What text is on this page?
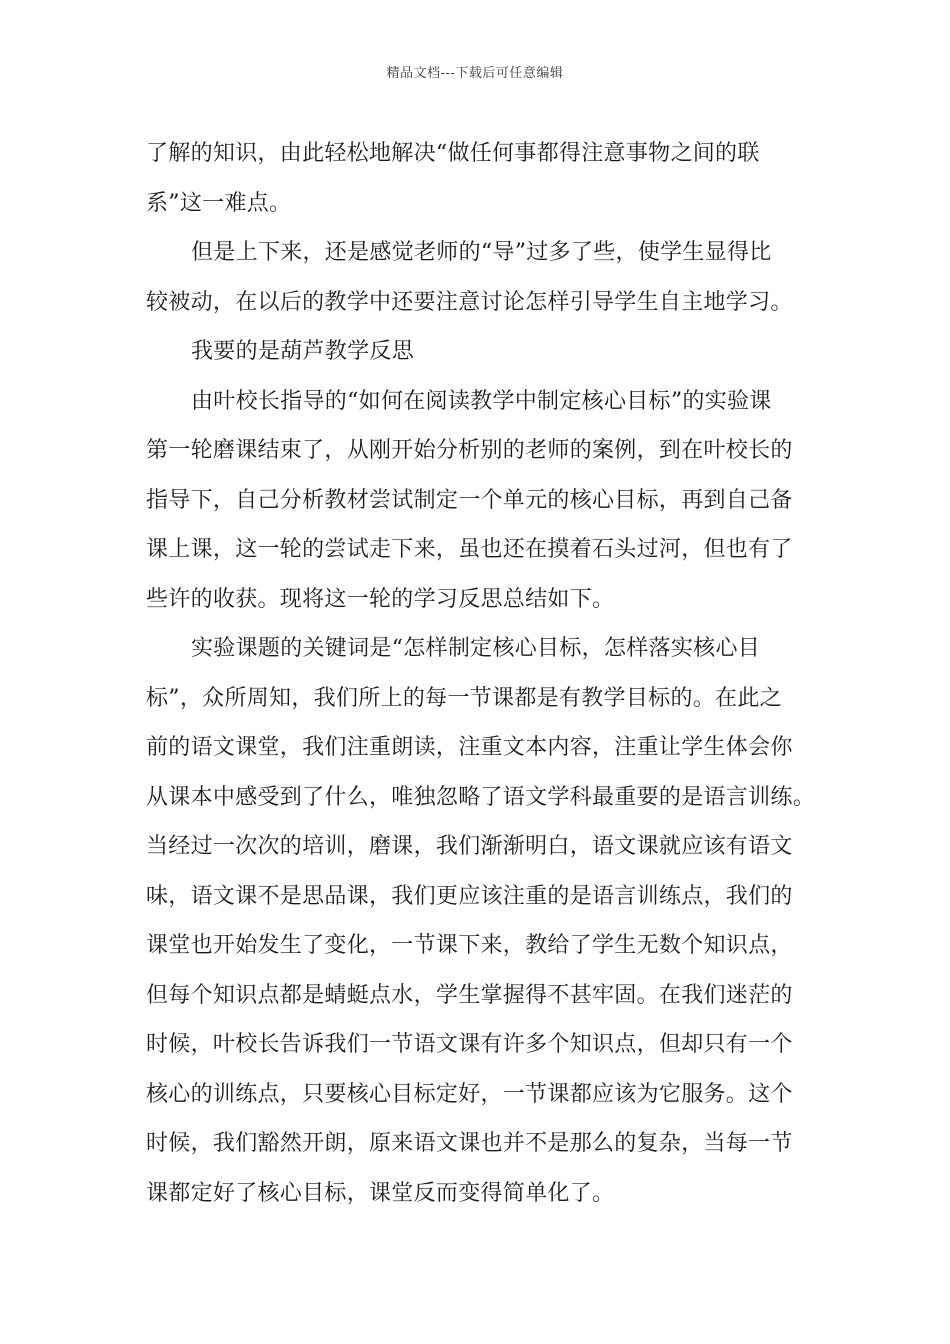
精品文档---下载后可任意编辑
了解的知识，由此轻松地解决“做任何事都得注意事物之间的联
系”这一难点。
但是上下来，还是感觉老师的“导”过多了些，使学生显得比
较被动，在以后的教学中还要注意讨论怎样引导学生自主地学习。
我要的是葫芦教学反思
由叶校长指导的“如何在阅读教学中制定核心目标”的实验课
第一轮磨课结束了，从刚开始分析别的老师的案例，到在叶校长的
指导下，自己分析教材尝试制定一个单元的核心目标，再到自己备
课上课，这一轮的尝试走下来，虽也还在摸着石头过河，但也有了
些许的收获。现将这一轮的学习反思总结如下。
实验课题的关键词是“怎样制定核心目标，怎样落实核心目
标”，众所周知，我们所上的每一节课都是有教学目标的。在此之
前的语文课堂，我们注重朗读，注重文本内容，注重让学生体会你
从课本中感受到了什么，唯独忽略了语文学科最重要的是语言训练。
当经过一次次的培训，磨课，我们渐渐明白，语文课就应该有语文
味，语文课不是思品课，我们更应该注重的是语言训练点，我们的
课堂也开始发生了变化，一节课下来，教给了学生无数个知识点，
但每个知识点都是蜻蜓点水，学生掌握得不甚牢固。在我们迷茫的
时候，叶校长告诉我们一节语文课有许多个知识点，但却只有一个
核心的训练点，只要核心目标定好，一节课都应该为它服务。这个
时候，我们豁然开朗，原来语文课也并不是那么的复杂，当每一节
课都定好了核心目标，课堂反而变得简单化了。
